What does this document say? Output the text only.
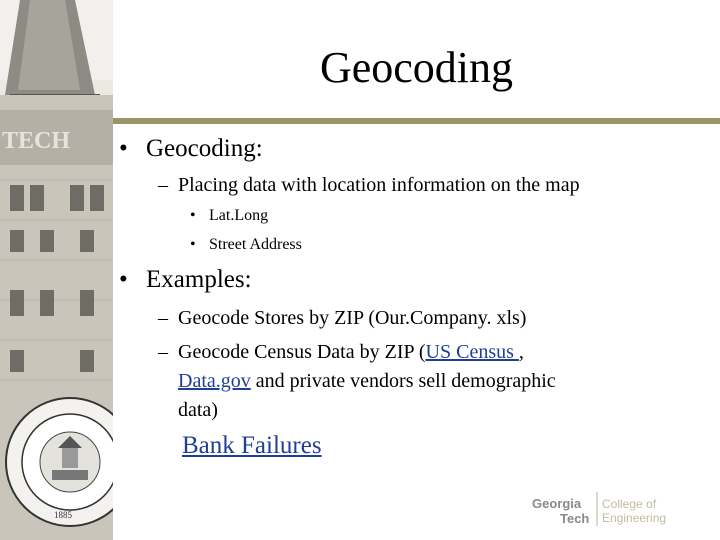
TECH
1885
Geocoding
• Geocoding:
– Placing data with location information on the map
• Lat.Long
• Street Address
• Examples:
– Geocode Stores by ZIP (Our.Company. xls)
– Geocode Census Data by ZIP (US Census ,
Data.gov and private vendors sell demographic
data)
Bank Failures
Georgia
Tech
College of
Engineering
